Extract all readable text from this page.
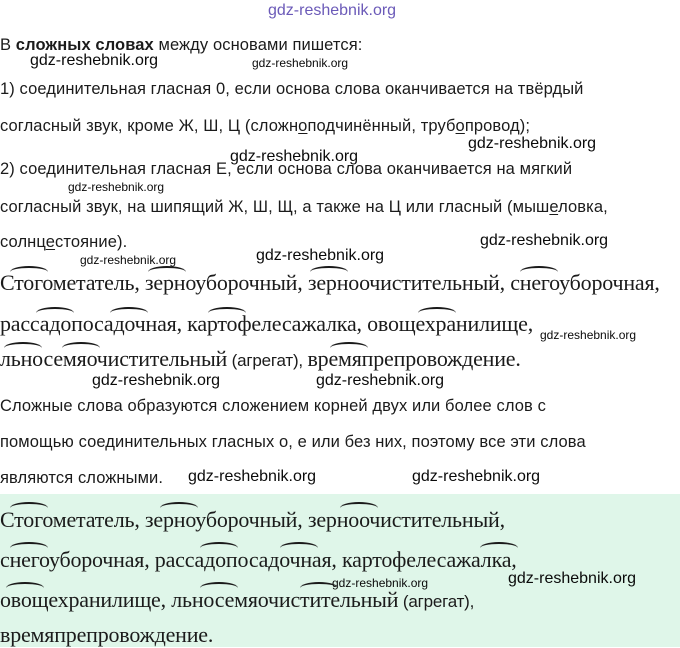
gdz-reshebnik.org
В сложных словах между основами пишется:
gdz-reshebnik.org	gdz-reshebnik.org
1) соединительная гласная 0, если основа слова оканчивается на твёрдый
согласный звук, кроме Ж, Ш, Ц (сложноподчинённый, трубопровод);
gdz-reshebnik.org
gdz-reshebnik.org
2) соединительная гласная Е, если основа слова оканчивается на мягкий
gdz-reshebnik.org
согласный звук, на шипящий Ж, Ш, Щ, а также на Ц или гласный (мышеловка,
солнцестояние).	gdz-reshebnik.org
gdz-reshebnik.org
gdz-reshebnik.org
Стогометатель, зерноуборочный, зерноочистительный, снегоуборочная,
рассадопосадочная, картофелесажалка, овощехранилище, gdz-reshebnik.org
льносемяочистительный (агрегат), времяпрепровождение.
gdz-reshebnik.org	gdz-reshebnik.org
Сложные слова образуются сложением корней двух или более слов с
помощью соединительных гласных о, е или без них, поэтому все эти слова
являются сложными. gdz-reshebnik.org	gdz-reshebnik.org
Стогометатель, зерноуборочный, зерноочистительный,
снегоуборочная, рассадопосадочная, картофелесажалка,
gdz-reshebnik.org	gdz-reshebnik.org
овощехранилище, льносемяочистительный (агрегат),
времяпрепровождение.
